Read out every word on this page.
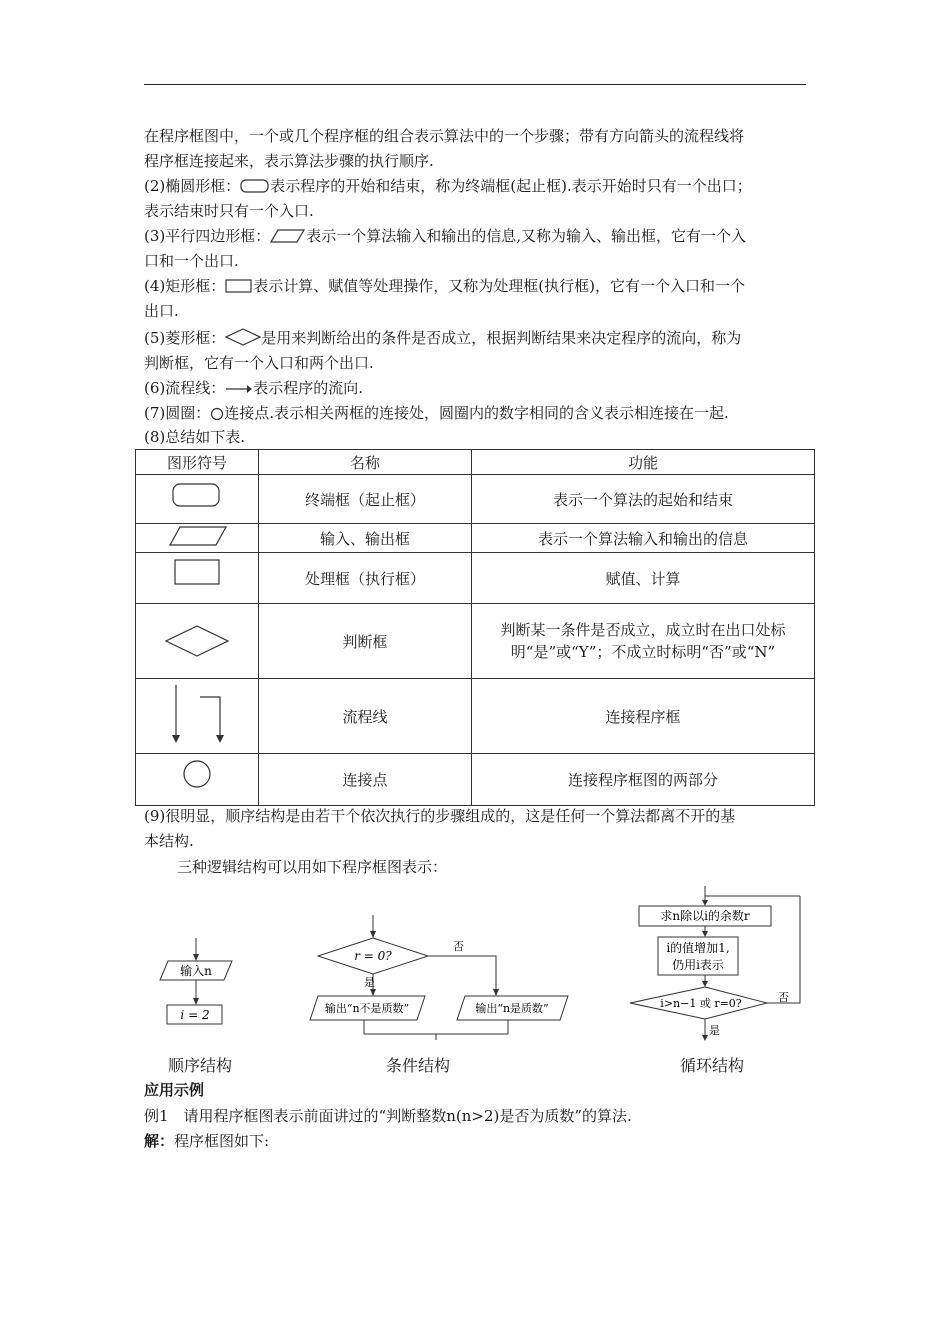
在程序框图中，一个或几个程序框的组合表示算法中的一个步骤；带有方向箭头的流程线将
程序框连接起来，表示算法步骤的执行顺序.
(2)椭圆形框： 表示程序的开始和结束，称为终端框(起止框).表示开始时只有一个出口；
表示结束时只有一个入口.
(3)平行四边形框： 表示一个算法输入和输出的信息,又称为输入、输出框，它有一个入
口和一个出口.
(4)矩形框： 表示计算、赋值等处理操作，又称为处理框(执行框)，它有一个入口和一个
出口.
(5)菱形框： 是用来判断给出的条件是否成立，根据判断结果来决定程序的流向，称为
判断框，它有一个入口和两个出口.
(6)流程线： 表示程序的流向.
(7)圆圈： 连接点.表示相关两框的连接处，圆圈内的数字相同的含义表示相连接在一起.
(8)总结如下表.
图形符号	名称	功能
	终端框（起止框）	表示一个算法的起始和结束
	输入、输出框	表示一个算法输入和输出的信息
	处理框（执行框）	赋值、计算
	判断框	判断某一条件是否成立，成立时在出口处标明“是”或“Y”；不成立时标明“否”或“N”
	流程线	连接程序框
	连接点	连接程序框图的两部分
(9)很明显，顺序结构是由若干个依次执行的步骤组成的，这是任何一个算法都离不开的基
本结构.
三种逻辑结构可以用如下程序框图表示：
输入n
i = 2
顺序结构
r = 0?
否
是
输出“n不是质数”	输出“n是质数”
条件结构
求n除以i的余数r
i的值增加1,
仍用i表示
i>n−1 或 r=0?	否
是
循环结构
应用示例
例1　请用程序框图表示前面讲过的“判断整数n(n>2)是否为质数”的算法.
解：程序框图如下:
